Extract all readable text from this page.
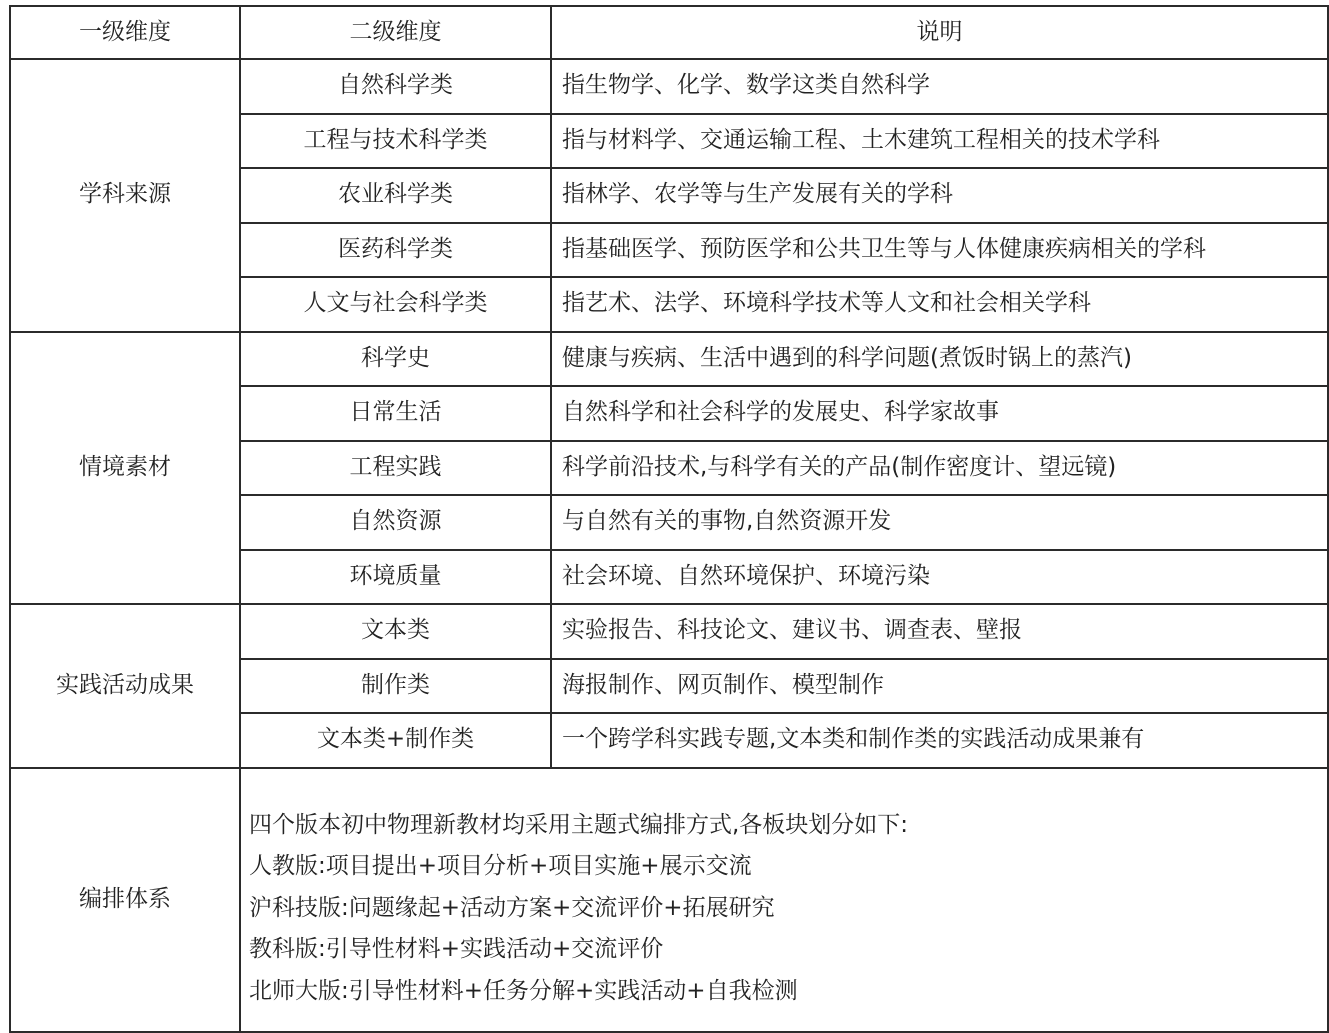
一级维度	二级维度	说明
学科来源	自然科学类	指生物学、化学、数学这类自然科学
	工程与技术科学类	指与材料学、交通运输工程、土木建筑工程相关的技术学科
	农业科学类	指林学、农学等与生产发展有关的学科
	医药科学类	指基础医学、预防医学和公共卫生等与人体健康疾病相关的学科
	人文与社会科学类	指艺术、法学、环境科学技术等人文和社会相关学科
情境素材	科学史	健康与疾病、生活中遇到的科学问题(煮饭时锅上的蒸汽)
	日常生活	自然科学和社会科学的发展史、科学家故事
	工程实践	科学前沿技术,与科学有关的产品(制作密度计、望远镜)
	自然资源	与自然有关的事物,自然资源开发
	环境质量	社会环境、自然环境保护、环境污染
实践活动成果	文本类	实验报告、科技论文、建议书、调查表、壁报
	制作类	海报制作、网页制作、模型制作
	文本类+制作类	一个跨学科实践专题,文本类和制作类的实践活动成果兼有
编排体系	四个版本初中物理新教材均采用主题式编排方式,各板块划分如下:
人教版:项目提出+项目分析+项目实施+展示交流
沪科技版:问题缘起+活动方案+交流评价+拓展研究
教科版:引导性材料+实践活动+交流评价
北师大版:引导性材料+任务分解+实践活动+自我检测	
